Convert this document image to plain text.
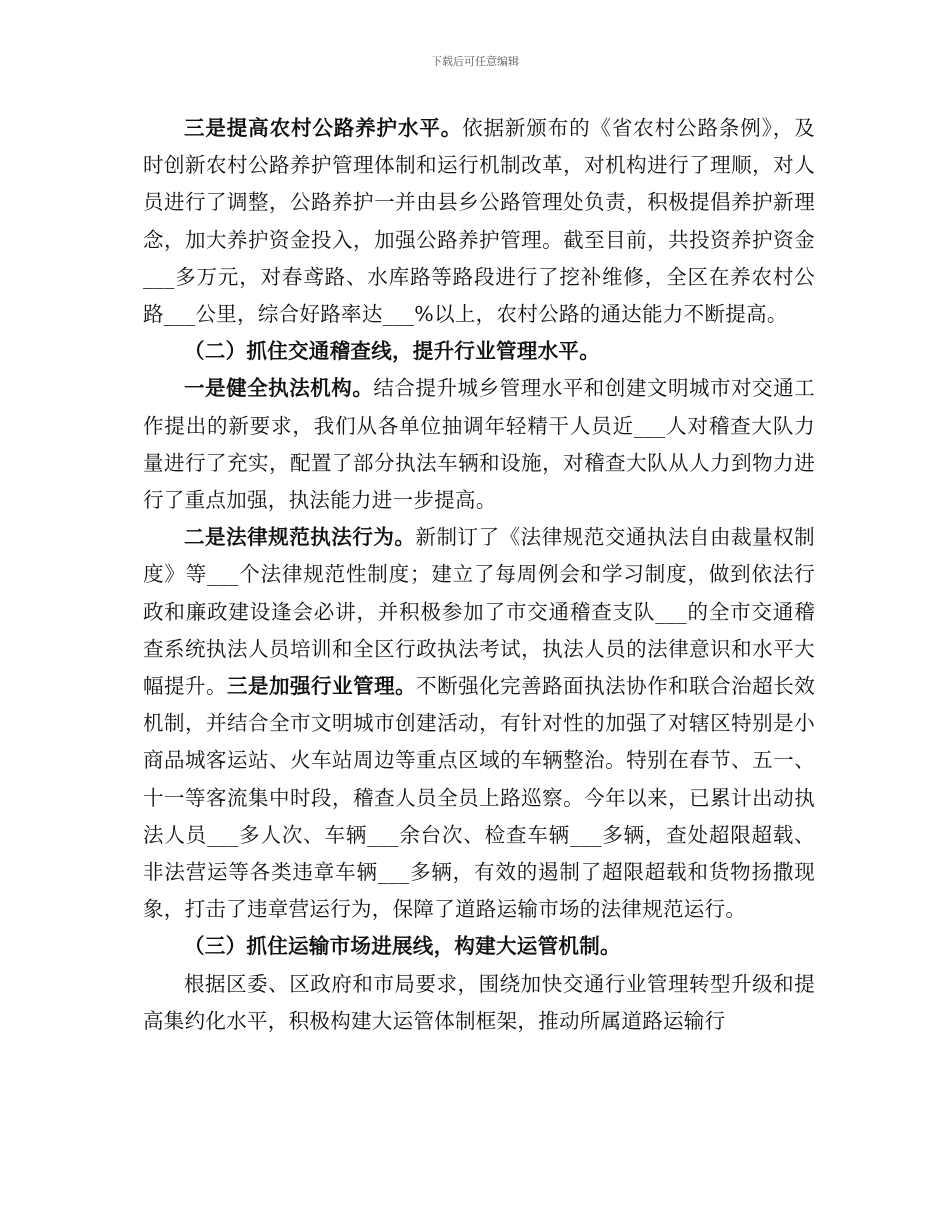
下载后可任意编辑

三是提高农村公路养护水平。依据新颁布的《省农村公路条例》，及时创新农村公路养护管理体制和运行机制改革，对机构进行了理顺，对人员进行了调整，公路养护一并由县乡公路管理处负责，积极提倡养护新理念，加大养护资金投入，加强公路养护管理。截至目前，共投资养护资金___多万元，对春鸢路、水库路等路段进行了挖补维修，全区在养农村公路___公里，综合好路率达___%以上，农村公路的通达能力不断提高。

（二）抓住交通稽查线，提升行业管理水平。

一是健全执法机构。结合提升城乡管理水平和创建文明城市对交通工作提出的新要求，我们从各单位抽调年轻精干人员近___人对稽查大队力量进行了充实，配置了部分执法车辆和设施，对稽查大队从人力到物力进行了重点加强，执法能力进一步提高。

二是法律规范执法行为。新制订了《法律规范交通执法自由裁量权制度》等___个法律规范性制度；建立了每周例会和学习制度，做到依法行政和廉政建设逢会必讲，并积极参加了市交通稽查支队___的全市交通稽查系统执法人员培训和全区行政执法考试，执法人员的法律意识和水平大幅提升。三是加强行业管理。不断强化完善路面执法协作和联合治超长效机制，并结合全市文明城市创建活动，有针对性的加强了对辖区特别是小商品城客运站、火车站周边等重点区域的车辆整治。特别在春节、五一、十一等客流集中时段，稽查人员全员上路巡察。今年以来，已累计出动执法人员___多人次、车辆___余台次、检查车辆___多辆，查处超限超载、非法营运等各类违章车辆___多辆，有效的遏制了超限超载和货物扬撒现象，打击了违章营运行为，保障了道路运输市场的法律规范运行。

（三）抓住运输市场进展线，构建大运管机制。

根据区委、区政府和市局要求，围绕加快交通行业管理转型升级和提高集约化水平，积极构建大运管体制框架，推动所属道路运输行
